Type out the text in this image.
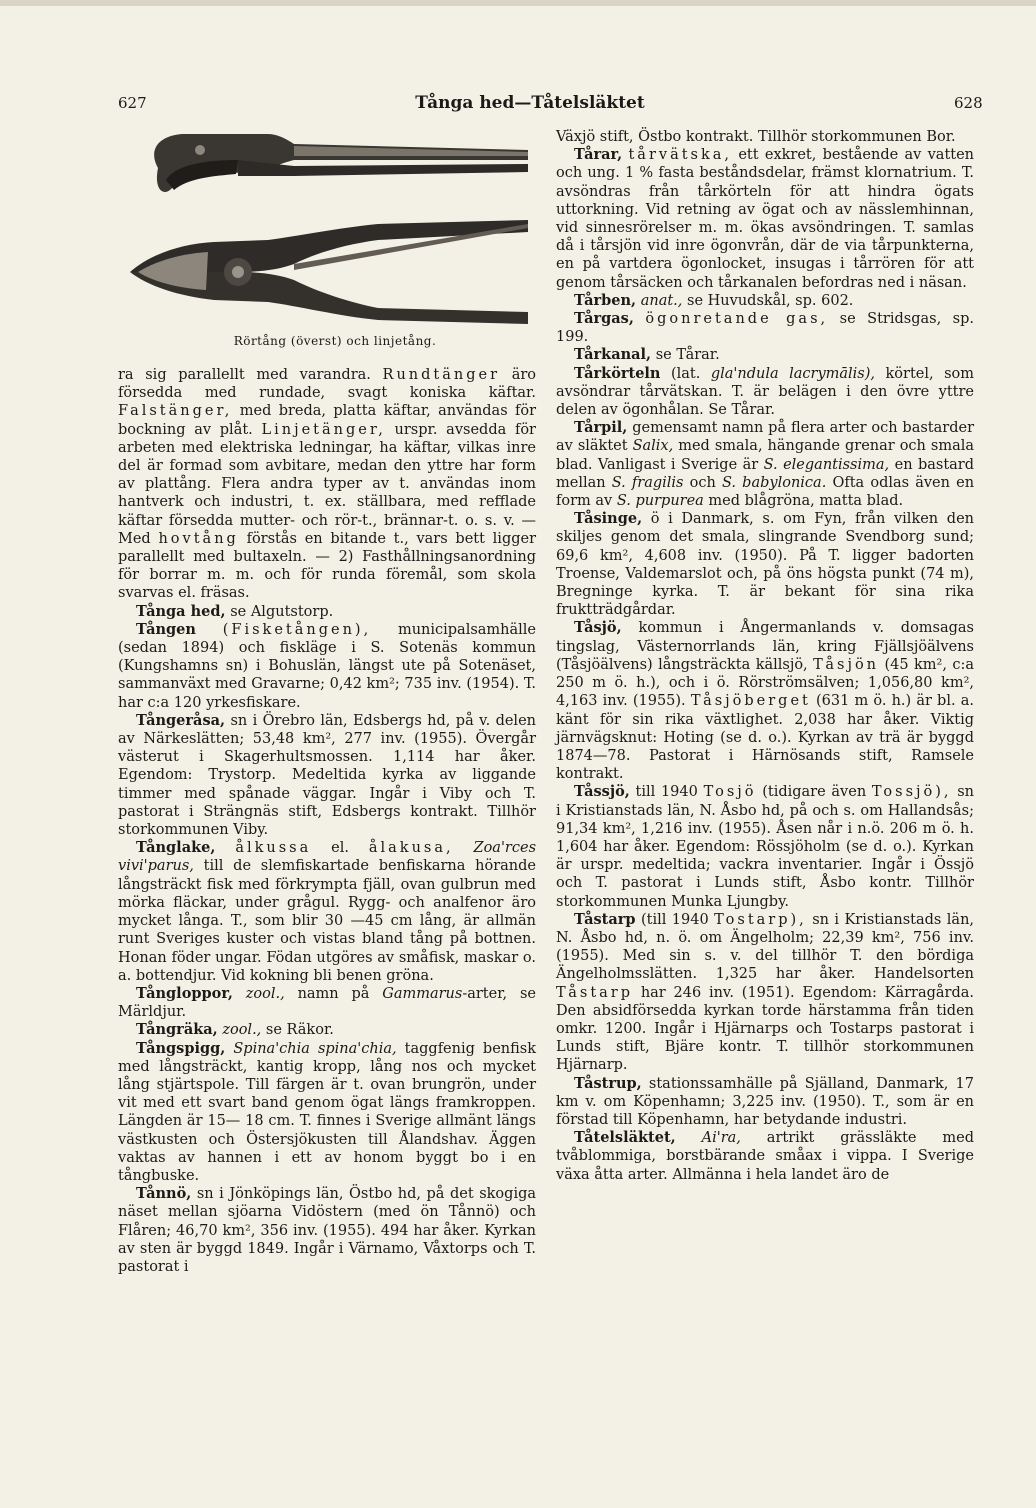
627	Tånga hed—Tåtelsläktet	628
Rörtång (överst) och linjetång.

ra sig parallellt med varandra. Rundtänger äro försedda med rundade, svagt koniska käftar. Falstänger, med breda, platta käftar, användas för bockning av plåt. Linjetänger, urspr. avsedda för arbeten med elektriska ledningar, ha käftar, vilkas inre del är formad som avbitare, medan den yttre har form av plattång. Flera andra typer av t. användas inom hantverk och industri, t. ex. ställbara, med refflade käftar försedda mutter- och rör-t., brännar-t. o. s. v. — Med hovtång förstås en bitande t., vars bett ligger parallellt med bultaxeln. — 2) Fasthållningsanordning för borrar m. m. och för runda föremål, som skola svarvas el. fräsas.

Tånga hed, se Algutstorp.

Tången (Fisketången), municipalsamhälle (sedan 1894) och fiskläge i S. Sotenäs kommun (Kungshamns sn) i Bohuslän, längst ute på Sotenäset, sammanväxt med Gravarne; 0,42 km²; 735 inv. (1954). T. har c:a 120 yrkesfiskare.

Tångeråsa, sn i Örebro län, Edsbergs hd, på v. delen av Närkeslätten; 53,48 km², 277 inv. (1955). Övergår västerut i Skagerhultsmossen. 1,114 har åker. Egendom: Trystorp. Medeltida kyrka av liggande timmer med spånade väggar. Ingår i Viby och T. pastorat i Strängnäs stift, Edsbergs kontrakt. Tillhör storkommunen Viby.

Tånglake, ålkussa el. ålakusa, Zoa'rces vivi'parus, till de slemfiskartade benfiskarna hörande långsträckt fisk med förkrympta fjäll, ovan gulbrun med mörka fläckar, under grågul. Rygg- och analfenor äro mycket långa. T., som blir 30 —45 cm lång, är allmän runt Sveriges kuster och vistas bland tång på bottnen. Honan föder ungar. Födan utgöres av småfisk, maskar o. a. bottendjur. Vid kokning bli benen gröna.

Tångloppor, zool., namn på Gammarus-arter, se Märldjur.

Tångräka, zool., se Räkor.

Tångspigg, Spina'chia spina'chia, taggfenig benfisk med långsträckt, kantig kropp, lång nos och mycket lång stjärtspole. Till färgen är t. ovan brungrön, under vit med ett svart band genom ögat längs framkroppen. Längden är 15— 18 cm. T. finnes i Sverige allmänt längs västkusten och Östersjökusten till Ålandshav. Äggen vaktas av hannen i ett av honom byggt bo i en tångbuske.

Tånnö, sn i Jönköpings län, Östbo hd, på det skogiga näset mellan sjöarna Vidöstern (med ön Tånnö) och Flåren; 46,70 km², 356 inv. (1955). 494 har åker. Kyrkan av sten är byggd 1849. Ingår i Värnamo, Våxtorps och T. pastorat i

Växjö stift, Östbo kontrakt. Tillhör storkommunen Bor.

Tårar, tårvätska, ett exkret, bestående av vatten och ung. 1 % fasta beståndsdelar, främst klornatrium. T. avsöndras från tårkörteln för att hindra ögats uttorkning. Vid retning av ögat och av nässlemhinnan, vid sinnesrörelser m. m. ökas avsöndringen. T. samlas då i tårsjön vid inre ögonvrån, där de via tårpunkterna, en på vartdera ögonlocket, insugas i tårrören för att genom tårsäcken och tårkanalen befordras ned i näsan.

Tårben, anat., se Huvudskål, sp. 602.

Tårgas, ögonretande gas, se Stridsgas, sp. 199.

Tårkanal, se Tårar.

Tårkörteln (lat. gla'ndula lacrymālis), körtel, som avsöndrar tårvätskan. T. är belägen i den övre yttre delen av ögonhålan. Se Tårar.

Tårpil, gemensamt namn på flera arter och bastarder av släktet Salix, med smala, hängande grenar och smala blad. Vanligast i Sverige är S. elegantissima, en bastard mellan S. fragilis och S. babylonica. Ofta odlas även en form av S. purpurea med blågröna, matta blad.

Tåsinge, ö i Danmark, s. om Fyn, från vilken den skiljes genom det smala, slingrande Svendborg sund; 69,6 km², 4,608 inv. (1950). På T. ligger badorten Troense, Valdemarslot och, på öns högsta punkt (74 m), Bregninge kyrka. T. är bekant för sina rika fruktträdgårdar.

Tåsjö, kommun i Ångermanlands v. domsagas tingslag, Västernorrlands län, kring Fjällsjöälvens (Tåsjöälvens) långsträckta källsjö, Tåsjön (45 km², c:a 250 m ö. h.), och i ö. Rörströmsälven; 1,056,80 km², 4,163 inv. (1955). Tåsjöberget (631 m ö. h.) är bl. a. känt för sin rika växtlighet. 2,038 har åker. Viktig järnvägsknut: Hoting (se d. o.). Kyrkan av trä är byggd 1874—78. Pastorat i Härnösands stift, Ramsele kontrakt.

Tåssjö, till 1940 Tosjö (tidigare även Tossjö), sn i Kristianstads län, N. Åsbo hd, på och s. om Hallandsås; 91,34 km², 1,216 inv. (1955). Åsen når i n.ö. 206 m ö. h. 1,604 har åker. Egendom: Rössjöholm (se d. o.). Kyrkan är urspr. medeltida; vackra inventarier. Ingår i Össjö och T. pastorat i Lunds stift, Åsbo kontr. Tillhör storkommunen Munka Ljungby.

Tåstarp (till 1940 Tostarp), sn i Kristianstads län, N. Åsbo hd, n. ö. om Ängelholm; 22,39 km², 756 inv. (1955). Med sin s. v. del tillhör T. den bördiga Ängelholmsslätten. 1,325 har åker. Handelsorten Tåstarp har 246 inv. (1951). Egendom: Kärragårda. Den absidförsedda kyrkan torde härstamma från tiden omkr. 1200. Ingår i Hjärnarps och Tostarps pastorat i Lunds stift, Bjäre kontr. T. tillhör storkommunen Hjärnarp.

Tåstrup, stationssamhälle på Själland, Danmark, 17 km v. om Köpenhamn; 3,225 inv. (1950). T., som är en förstad till Köpenhamn, har betydande industri.

Tåtelsläktet, Ai'ra, artrikt grässläkte med tvåblommiga, borstbärande småax i vippa. I Sverige växa åtta arter. Allmänna i hela landet äro de
